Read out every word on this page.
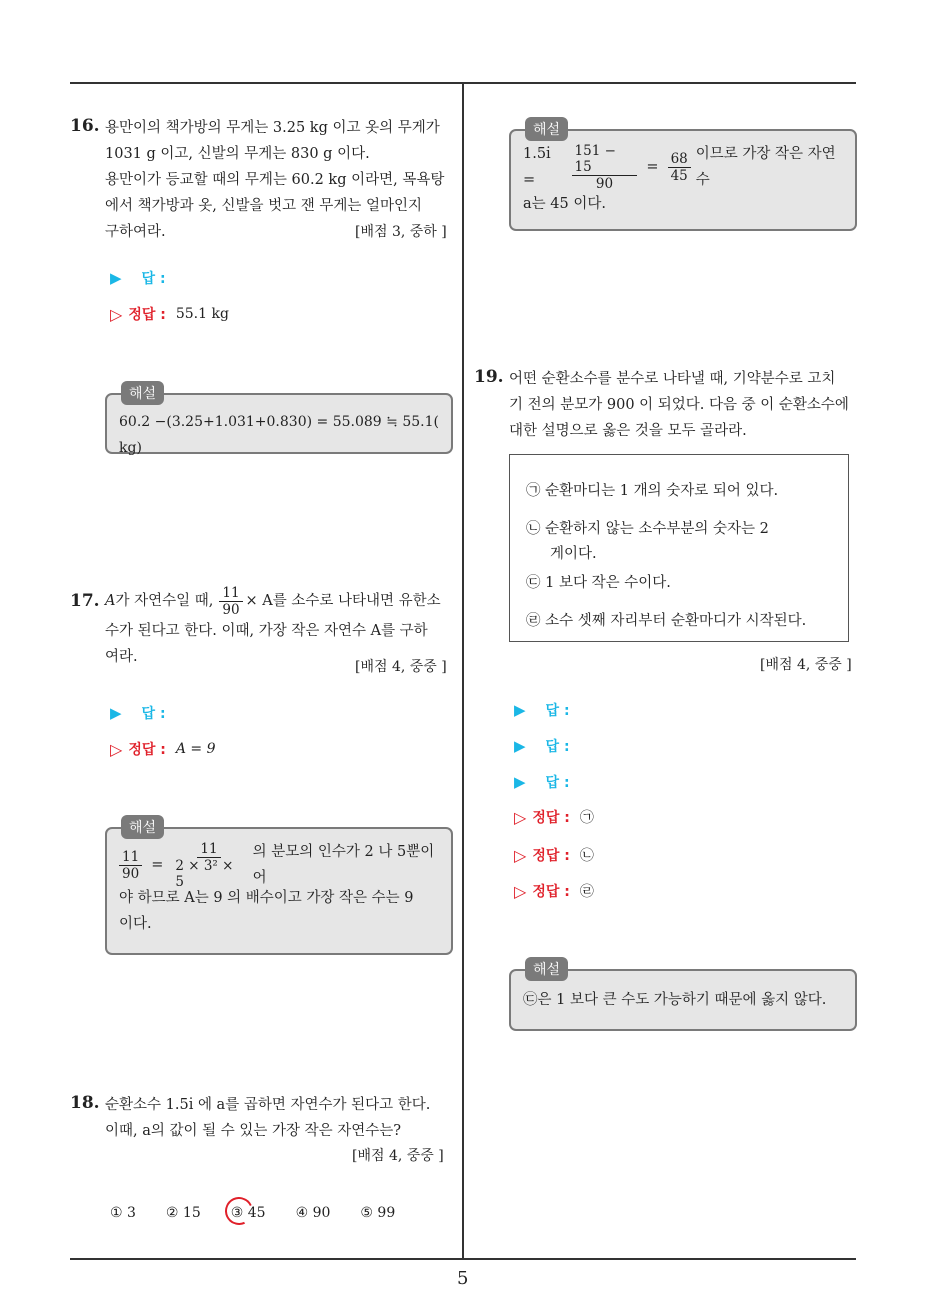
16. 용만이의 책가방의 무게는 3.25 kg 이고 옷의 무게가
1031 g 이고, 신발의 무게는 830 g 이다.
용만이가 등교할 때의 무게는 60.2 kg 이라면, 목욕탕
에서 책가방과 옷, 신발을 벗고 잰 무게는 얼마인지
구하여라.	[배점 3, 중하 ]
▶ 답 :
▷ 정답 : 55.1 kg
해설
60.2 −(3.25+1.031+0.830) = 55.089 ≒ 55.1( kg)
17. A 가 자연수일 때, $\frac{11}{90} \times A$를 소수로 나타내면 유한소
수가 된다고 한다. 이때, 가장 작은 자연수 A를 구하
여라.
[배점 4, 중중 ]
▶ 답 :
▷ 정답 : A = 9
해설
$\frac{11}{90} = \frac{11}{\text{2 × 3² × 5}}$ 의 분모의 인수가 2 나 5뿐이어
야 하므로 A는 9 의 배수이고 가장 작은 수는 9
이다.
18. 순환소수 1.5i̇ 에 a를 곱하면 자연수가 된다고 한다.
이때, a의 값이 될 수 있는 가장 작은 자연수는?
[배점 4, 중중 ]
① 3 ② 15 ③ 45 ④ 90 ⑤ 99
해설
1.5i̇ =	$\frac{151 - 15}{90} = \frac{68}{45}$ 이므로 가장 작은 자연수
a는 45 이다.
19. 어떤 순환소수를 분수로 나타낼 때, 기약분수로 고치
기 전의 분모가 900 이 되었다. 다음 중 이 순환소수에
대한 설명으로 옳은 것을 모두 골라라.
㉠ 순환마디는 1 개의 숫자로 되어 있다.
㉡ 순환하지 않는 소수부분의 숫자는 2
게이다.
㉢ 1 보다 작은 수이다.
㉣ 소수 셋째 자리부터 순환마디가 시작된다.
[배점 4, 중중 ]
▶ 답 :
▶ 답 :
▶ 답 :
▷ 정답 : ㉠
▷ 정답 : ㉡
▷ 정답 : ㉣
해설
㉢은 1 보다 큰 수도 가능하기 때문에 옳지 않다.
5
